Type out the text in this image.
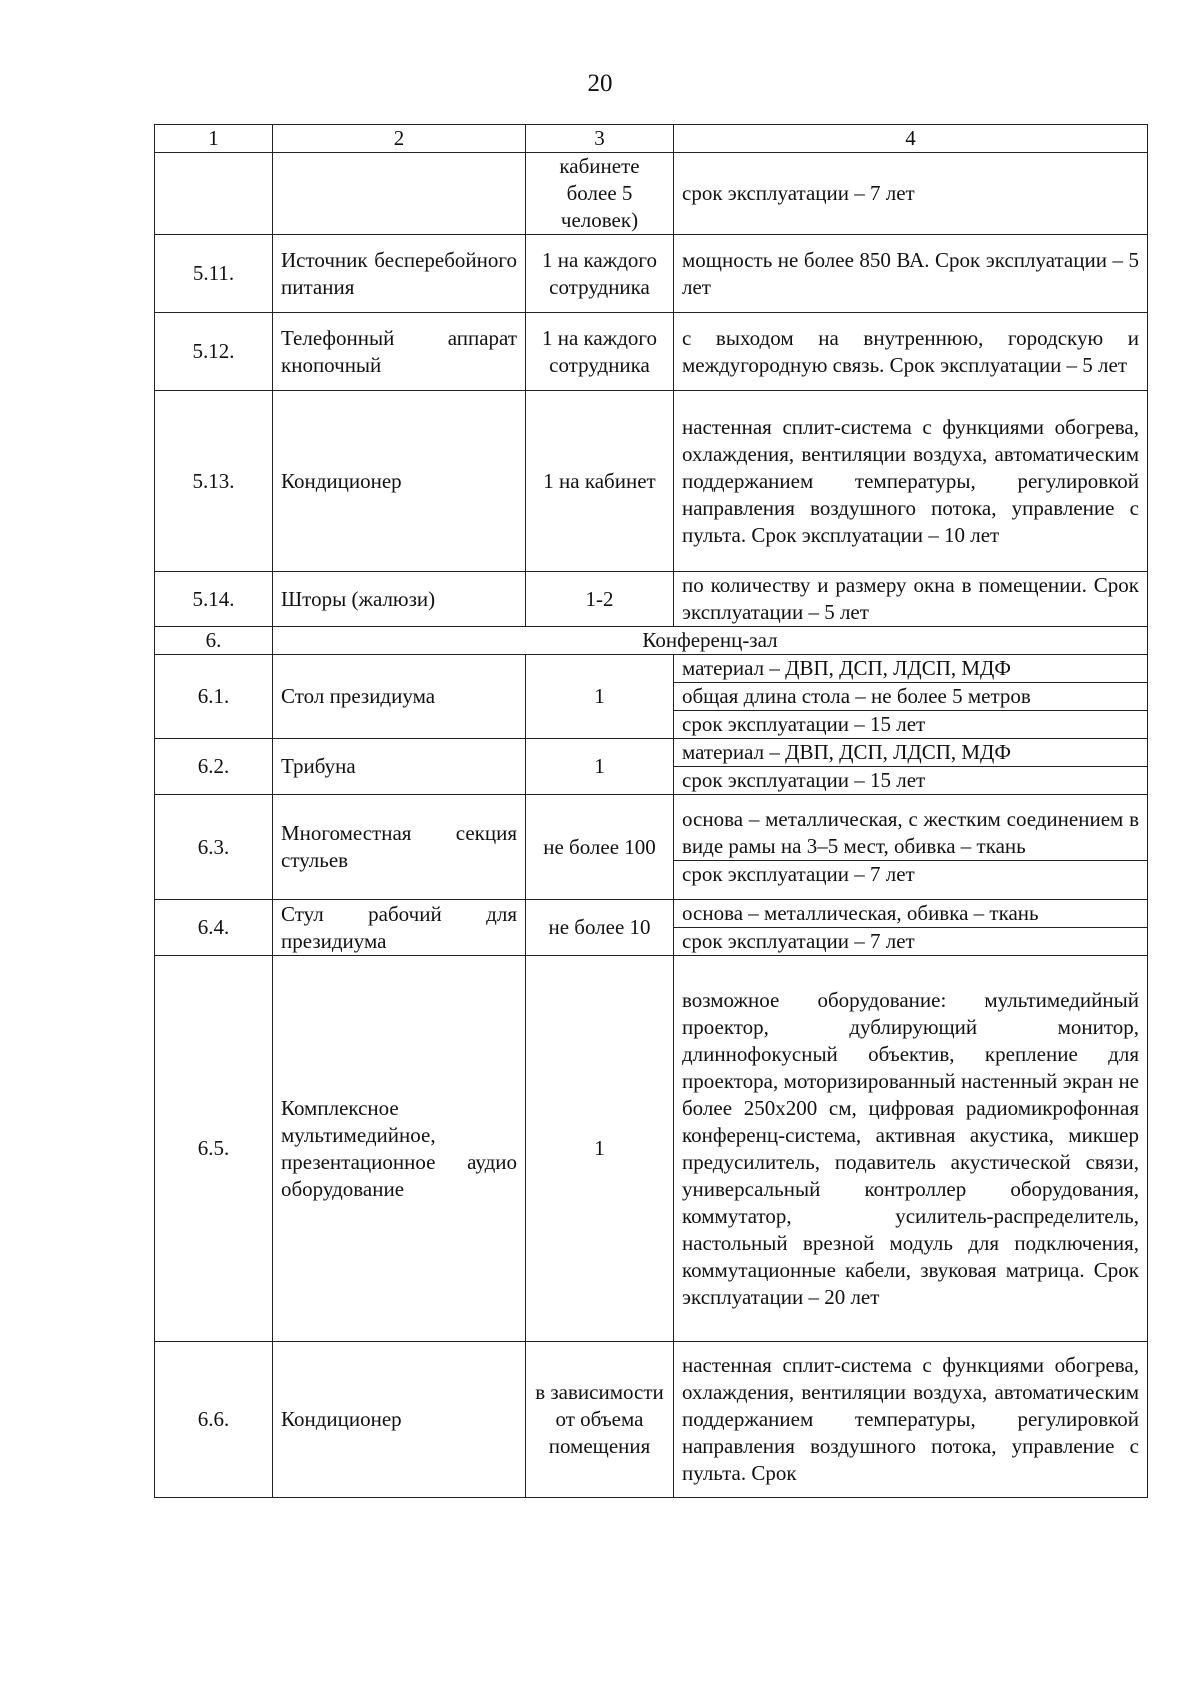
20
1	2	3	4
		кабинете более 5 человек)	срок эксплуатации – 7 лет
5.11.	Источник бесперебойного питания	1 на каждого сотрудника	мощность не более 850 ВА. Срок эксплуатации – 5 лет
5.12.	Телефонный аппарат кнопочный	1 на каждого сотрудника	с выходом на внутреннюю, городскую и междугородную связь. Срок эксплуатации – 5 лет
5.13.	Кондиционер	1 на кабинет	настенная сплит-система с функциями обогрева, охлаждения, вентиляции воздуха, автоматическим поддержанием температуры, регулировкой направления воздушного потока, управление с пульта. Срок эксплуатации – 10 лет
5.14.	Шторы (жалюзи)	1-2	по количеству и размеру окна в помещении. Срок эксплуатации – 5 лет
6.	Конференц-зал		
6.1.	Стол президиума	1	материал – ДВП, ДСП, ЛДСП, МДФ
общая длина стола – не более 5 метров
срок эксплуатации – 15 лет

6.2.	Трибуна	1	материал – ДВП, ДСП, ЛДСП, МДФ
срок эксплуатации – 15 лет

6.3.	Многоместная секция стульев	не более 100	основа – металлическая, с жестким соединением в виде рамы на 3–5 мест, обивка – ткань
срок эксплуатации – 7 лет

6.4.	Стул рабочий для президиума	не более 10	основа – металлическая, обивка – ткань
срок эксплуатации – 7 лет

6.5.	Комплексное мультимедийное, презентационное аудио оборудование	1	возможное оборудование: мультимедийный проектор, дублирующий монитор, длиннофокусный объектив, крепление для проектора, моторизированный настенный экран не более 250x200 см, цифровая радиомикрофонная конференц-система, активная акустика, микшер предусилитель, подавитель акустической связи, универсальный контроллер оборудования, коммутатор, усилитель-распределитель, настольный врезной модуль для подключения, коммутационные кабели, звуковая матрица. Срок эксплуатации – 20 лет
6.6.	Кондиционер	в зависимости от объема помещения	настенная сплит-система с функциями обогрева, охлаждения, вентиляции воздуха, автоматическим поддержанием температуры, регулировкой направления воздушного потока, управление с пульта. Срок
